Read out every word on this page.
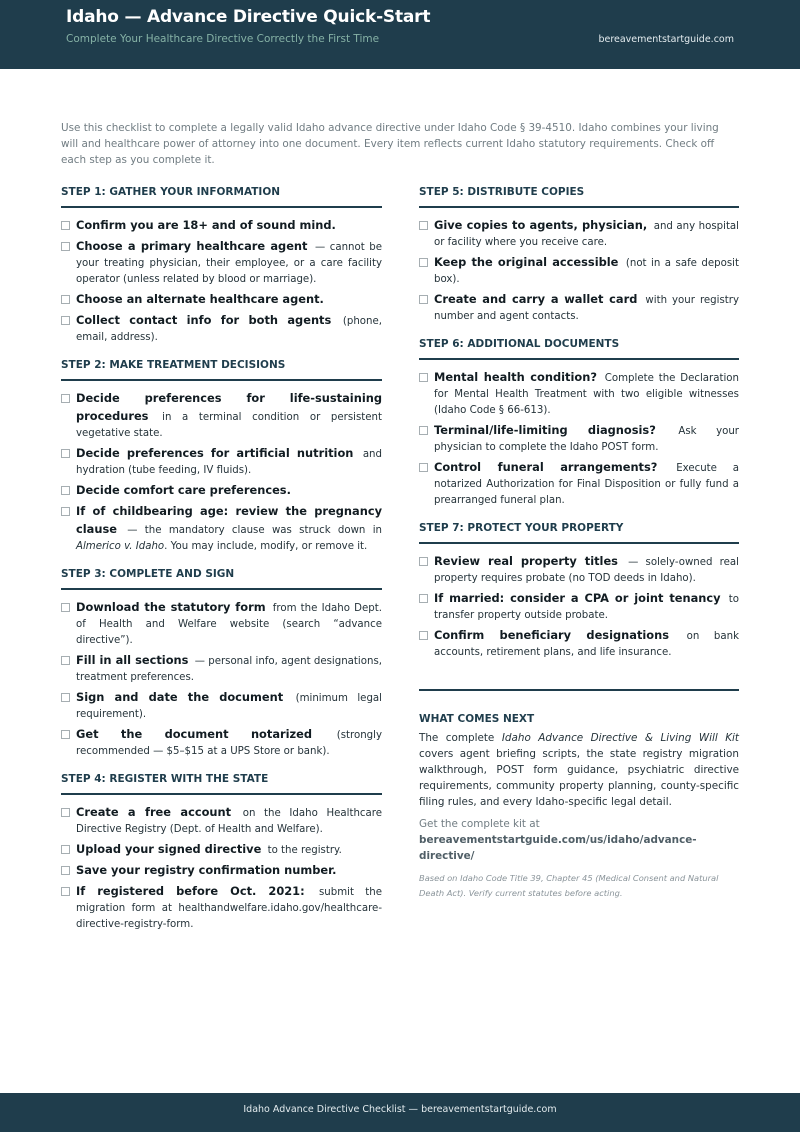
Idaho — Advance Directive Quick-Start
Complete Your Healthcare Directive Correctly the First Time	bereavementstartguide.com
Use this checklist to complete a legally valid Idaho advance directive under Idaho Code § 39-4510. Idaho combines your living will and healthcare power of attorney into one document. Every item reflects current Idaho statutory requirements. Check off each step as you complete it.
STEP 1: GATHER YOUR INFORMATION
Confirm you are 18+ and of sound mind.
Choose a primary healthcare agent — cannot be your treating physician, their employee, or a care facility operator (unless related by blood or marriage).
Choose an alternate healthcare agent.
Collect contact info for both agents (phone, email, address).
STEP 2: MAKE TREATMENT DECISIONS
Decide preferences for life-sustaining procedures in a terminal condition or persistent vegetative state.
Decide preferences for artificial nutrition and hydration (tube feeding, IV fluids).
Decide comfort care preferences.
If of childbearing age: review the pregnancy clause — the mandatory clause was struck down in Almerico v. Idaho. You may include, modify, or remove it.
STEP 3: COMPLETE AND SIGN
Download the statutory form from the Idaho Dept. of Health and Welfare website (search “advance directive”).
Fill in all sections — personal info, agent designations, treatment preferences.
Sign and date the document (minimum legal requirement).
Get the document notarized (strongly recommended — $5–$15 at a UPS Store or bank).
STEP 4: REGISTER WITH THE STATE
Create a free account on the Idaho Healthcare Directive Registry (Dept. of Health and Welfare).
Upload your signed directive to the registry.
Save your registry confirmation number.
If registered before Oct. 2021: submit the migration form at healthandwelfare.idaho.gov/healthcare-directive-registry-form.
STEP 5: DISTRIBUTE COPIES
Give copies to agents, physician, and any hospital or facility where you receive care.
Keep the original accessible (not in a safe deposit box).
Create and carry a wallet card with your registry number and agent contacts.
STEP 6: ADDITIONAL DOCUMENTS
Mental health condition? Complete the Declaration for Mental Health Treatment with two eligible witnesses (Idaho Code § 66-613).
Terminal/life-limiting diagnosis? Ask your physician to complete the Idaho POST form.
Control funeral arrangements? Execute a notarized Authorization for Final Disposition or fully fund a prearranged funeral plan.
STEP 7: PROTECT YOUR PROPERTY
Review real property titles — solely-owned real property requires probate (no TOD deeds in Idaho).
If married: consider a CPA or joint tenancy to transfer property outside probate.
Confirm beneficiary designations on bank accounts, retirement plans, and life insurance.
WHAT COMES NEXT
The complete Idaho Advance Directive & Living Will Kit covers agent briefing scripts, the state registry migration walkthrough, POST form guidance, psychiatric directive requirements, community property planning, county-specific filing rules, and every Idaho-specific legal detail.
Get the complete kit at
bereavementstartguide.com/us/idaho/advance-directive/
Based on Idaho Code Title 39, Chapter 45 (Medical Consent and Natural Death Act). Verify current statutes before acting.
Idaho Advance Directive Checklist — bereavementstartguide.com
